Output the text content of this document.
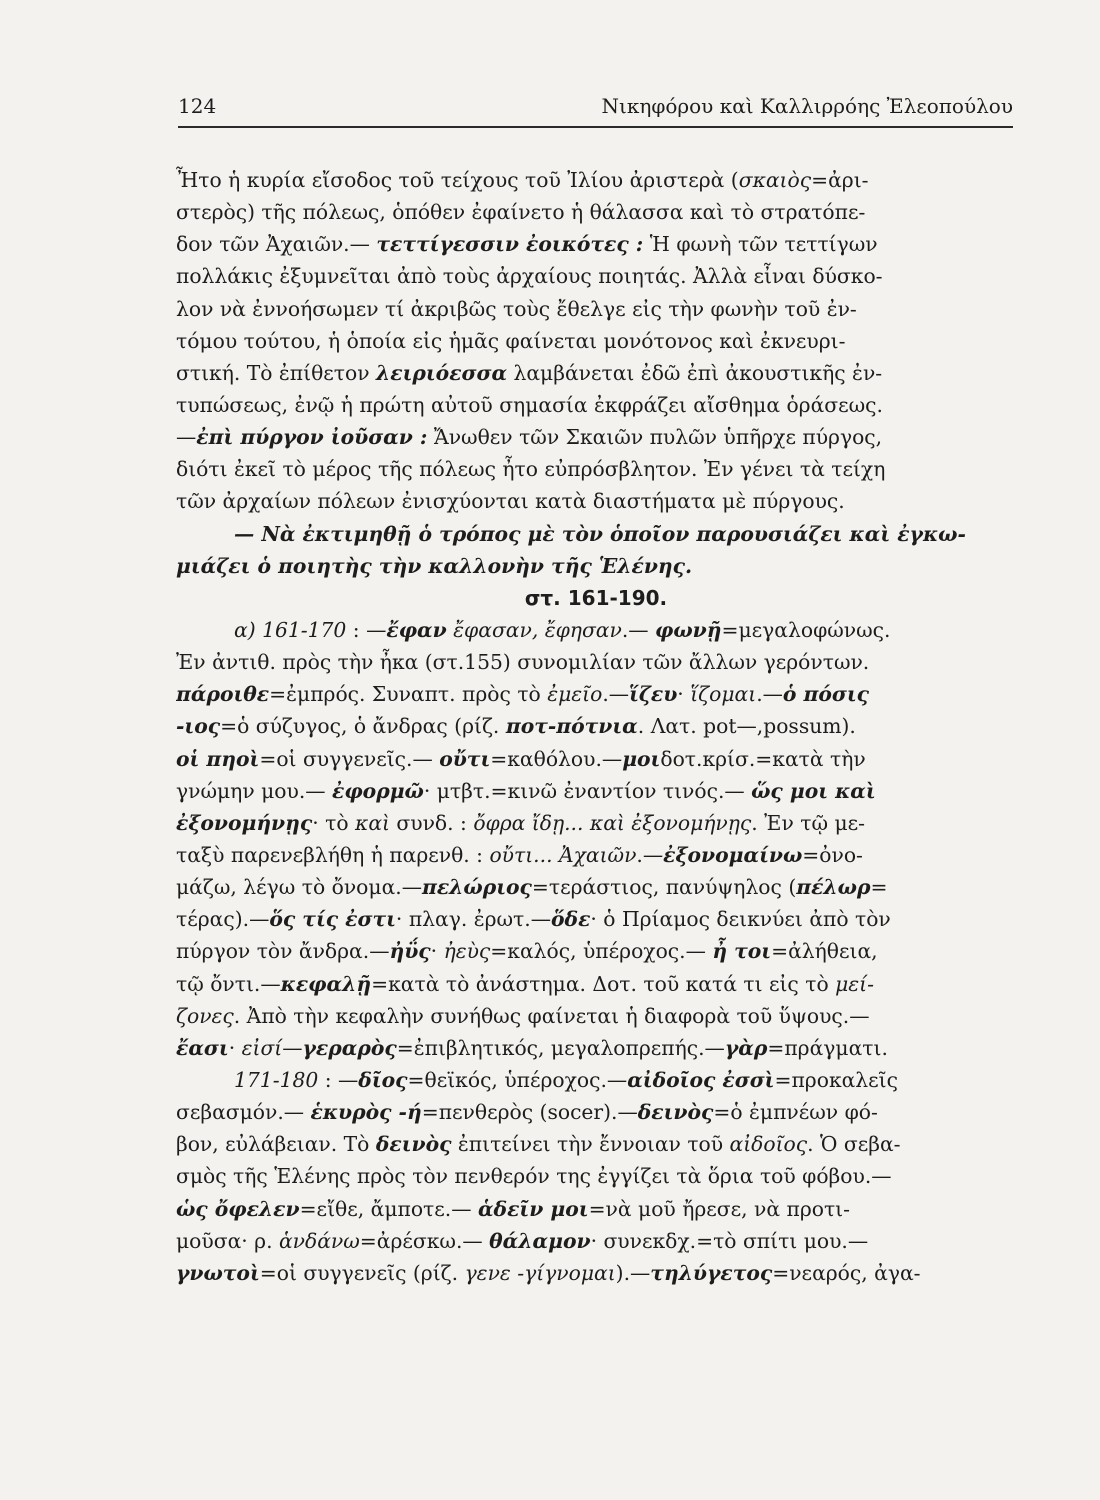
124	Νικηφόρου καὶ Καλλιρρόης Ἐλεοπούλου
Ἦτο ἡ κυρία εἴσοδος τοῦ τείχους τοῦ Ἰλίου ἀριστερὰ (σκαιὸς=ἀρι-
στερὸς) τῆς πόλεως, ὁπόθεν ἐφαίνετο ἡ θάλασσα καὶ τὸ στρατόπε-
δον τῶν Ἀχαιῶν.— τεττίγεσσιν ἐοικότες : Ἡ φωνὴ τῶν τεττίγων
πολλάκις ἐξυμνεῖται ἀπὸ τοὺς ἀρχαίους ποιητάς. Ἀλλὰ εἶναι δύσκο-
λον νὰ ἐννοήσωμεν τί ἀκριβῶς τοὺς ἔθελγε εἰς τὴν φωνὴν τοῦ ἐν-
τόμου τούτου, ἡ ὁποία εἰς ἡμᾶς φαίνεται μονότονος καὶ ἐκνευρι-
στική. Τὸ ἐπίθετον λειριόεσσα λαμβάνεται ἐδῶ ἐπὶ ἀκουστικῆς ἐν-
τυπώσεως, ἐνῷ ἡ πρώτη αὐτοῦ σημασία ἐκφράζει αἴσθημα ὁράσεως.
—ἐπὶ πύργον ἰοῦσαν : Ἄνωθεν τῶν Σκαιῶν πυλῶν ὑπῆρχε πύργος,
διότι ἐκεῖ τὸ μέρος τῆς πόλεως ἦτο εὐπρόσβλητον. Ἐν γένει τὰ τείχη
τῶν ἀρχαίων πόλεων ἐνισχύονται κατὰ διαστήματα μὲ πύργους.
— Νὰ ἐκτιμηθῇ ὁ τρόπος μὲ τὸν ὁποῖον παρουσιάζει καὶ ἐγκω-
μιάζει ὁ ποιητὴς τὴν καλλονὴν τῆς Ἑλένης.
στ. 161-190.
α) 161-170 : —ἔφαν ἔφασαν, ἔφησαν.— φωνῇ=μεγαλοφώνως.
Ἐν ἀντιθ. πρὸς τὴν ἦκα (στ.155) συνομιλίαν τῶν ἄλλων γερόντων.
πάροιθε=ἐμπρός. Συναπτ. πρὸς τὸ ἐμεῖο.—ἵζευ· ἵζομαι.—ὁ πόσις
-ιος=ὁ σύζυγος, ὁ ἄνδρας (ρίζ. ποτ-πότνια. Λατ. pot—,possum).
οἱ πηοὶ=οἱ συγγενεῖς.— οὔτι=καθόλου.—μοιδοτ.κρίσ.=κατὰ τὴν
γνώμην μου.— ἐφορμῶ· μτβτ.=κινῶ ἐναντίον τινός.— ὥς μοι καὶ
ἐξονομήνῃς· τὸ καὶ συνδ. : ὄφρα ἴδῃ... καὶ ἐξονομήνῃς. Ἐν τῷ με-
ταξὺ παρενεβλήθη ἡ παρενθ. : οὔτι... Ἀχαιῶν.—ἐξονομαίνω=ὀνο-
μάζω, λέγω τὸ ὄνομα.—πελώριος=τεράστιος, πανύψηλος (πέλωρ=
τέρας).—ὅς τίς ἐστι· πλαγ. ἐρωτ.—ὅδε· ὁ Πρίαμος δεικνύει ἀπὸ τὸν
πύργον τὸν ἄνδρα.—ἠΰς· ἠεὺς=καλός, ὑπέροχος.— ἦ τοι=ἀλήθεια,
τῷ ὄντι.—κεφαλῇ=κατὰ τὸ ἀνάστημα. Δοτ. τοῦ κατά τι εἰς τὸ μεί-
ζονες. Ἀπὸ τὴν κεφαλὴν συνήθως φαίνεται ἡ διαφορὰ τοῦ ὕψους.—
ἔασι· εἰσί—γεραρὸς=ἐπιβλητικός, μεγαλοπρεπής.—γὰρ=πράγματι.
171-180 : —δῖος=θεϊκός, ὑπέροχος.—αἰδοῖος ἐσσὶ=προκαλεῖς
σεβασμόν.— ἑκυρὸς -ή=πενθερὸς (socer).—δεινὸς=ὁ ἐμπνέων φό-
βον, εὐλάβειαν. Τὸ δεινὸς ἐπιτείνει τὴν ἔννοιαν τοῦ αἰδοῖος. Ὁ σεβα-
σμὸς τῆς Ἑλένης πρὸς τὸν πενθερόν της ἐγγίζει τὰ ὅρια τοῦ φόβου.—
ὡς ὄφελεν=εἴθε, ἄμποτε.— ἁδεῖν μοι=νὰ μοῦ ἤρεσε, νὰ προτι-
μοῦσα· ρ. ἁνδάνω=ἀρέσκω.— θάλαμον· συνεκδχ.=τὸ σπίτι μου.—
γνωτοὶ=οἱ συγγενεῖς (ρίζ. γενε -γίγνομαι).—τηλύγετος=νεαρός, ἀγα-
